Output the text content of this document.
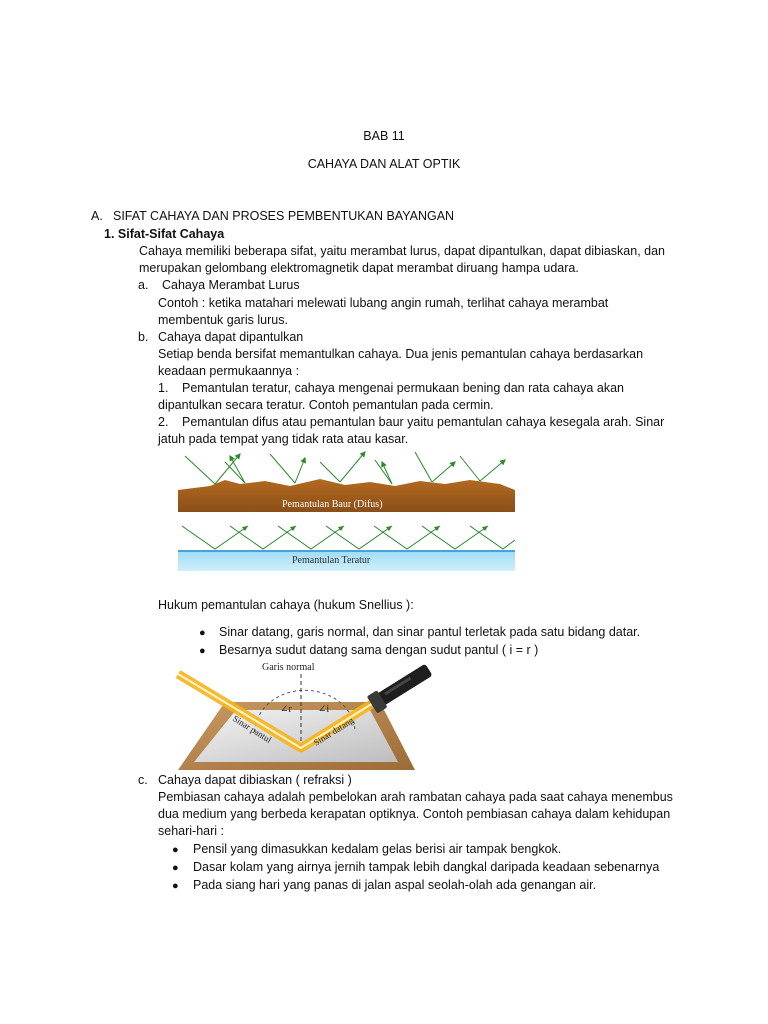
BAB 11
CAHAYA DAN ALAT OPTIK
A. SIFAT CAHAYA DAN PROSES PEMBENTUKAN BAYANGAN
1. Sifat-Sifat Cahaya
Cahaya memiliki beberapa sifat, yaitu merambat lurus, dapat dipantulkan, dapat dibiaskan, dan
merupakan gelombang elektromagnetik dapat merambat diruang hampa udara.
a. Cahaya Merambat Lurus
Contoh : ketika matahari melewati lubang angin rumah, terlihat cahaya merambat
membentuk garis lurus.
b. Cahaya dapat dipantulkan
Setiap benda bersifat memantulkan cahaya. Dua jenis pemantulan cahaya berdasarkan
keadaan permukaannya :
1. Pemantulan teratur, cahaya mengenai permukaan bening dan rata cahaya akan
dipantulkan secara teratur. Contoh pemantulan pada cermin.
2. Pemantulan difus atau pemantulan baur yaitu pemantulan cahaya kesegala arah. Sinar
jatuh pada tempat yang tidak rata atau kasar.
Pemantulan Baur (Difus)
Pemantulan Teratur
Hukum pemantulan cahaya (hukum Snellius ):
● Sinar datang, garis normal, dan sinar pantul terletak pada satu bidang datar.
● Besarnya sudut datang sama dengan sudut pantul ( i = r )
Garis normal
∠r	∠i
Sinar pantul	Sinar datang
c. Cahaya dapat dibiaskan ( refraksi )
Pembiasan cahaya adalah pembelokan arah rambatan cahaya pada saat cahaya menembus
dua medium yang berbeda kerapatan optiknya. Contoh pembiasan cahaya dalam kehidupan
sehari-hari :
● Pensil yang dimasukkan kedalam gelas berisi air tampak bengkok.
● Dasar kolam yang airnya jernih tampak lebih dangkal daripada keadaan sebenarnya
● Pada siang hari yang panas di jalan aspal seolah-olah ada genangan air.
